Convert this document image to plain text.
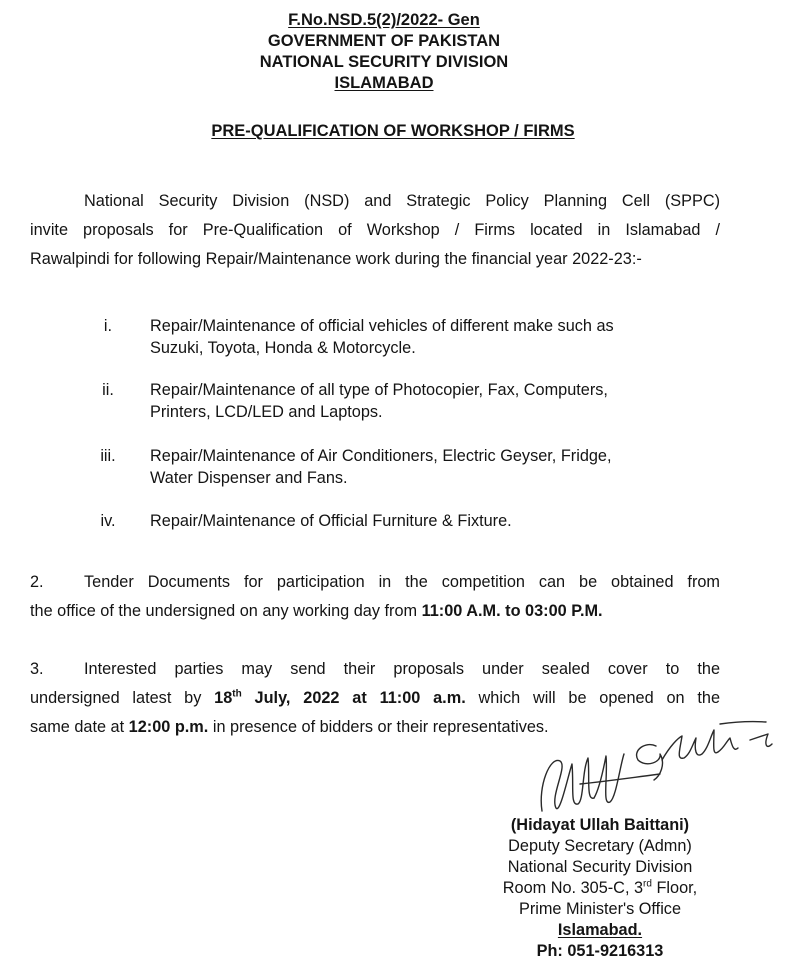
F.No.NSD.5(2)/2022- Gen
GOVERNMENT OF PAKISTAN
NATIONAL SECURITY DIVISION
ISLAMABAD
PRE-QUALIFICATION OF WORKSHOP / FIRMS
National Security Division (NSD) and Strategic Policy Planning Cell (SPPC)
invite proposals for Pre-Qualification of Workshop / Firms located in Islamabad /
Rawalpindi for following Repair/Maintenance work during the financial year 2022-23:-
i.	Repair/Maintenance of official vehicles of different make such as
Suzuki, Toyota, Honda & Motorcycle.
ii.	Repair/Maintenance of all type of Photocopier, Fax, Computers,
Printers, LCD/LED and Laptops.
iii.	Repair/Maintenance of Air Conditioners, Electric Geyser, Fridge,
Water Dispenser and Fans.
iv.	Repair/Maintenance of Official Furniture & Fixture.
2. Tender Documents for participation in the competition can be obtained from
the office of the undersigned on any working day from 11:00 A.M. to 03:00 P.M.
3. Interested parties may send their proposals under sealed cover to the
undersigned latest by 18th July, 2022 at 11:00 a.m. which will be opened on the
same date at 12:00 p.m. in presence of bidders or their representatives.
(Hidayat Ullah Baittani)
Deputy Secretary (Admn)
National Security Division
Room No. 305-C, 3rd Floor,
Prime Minister's Office
Islamabad.
Ph: 051-9216313
